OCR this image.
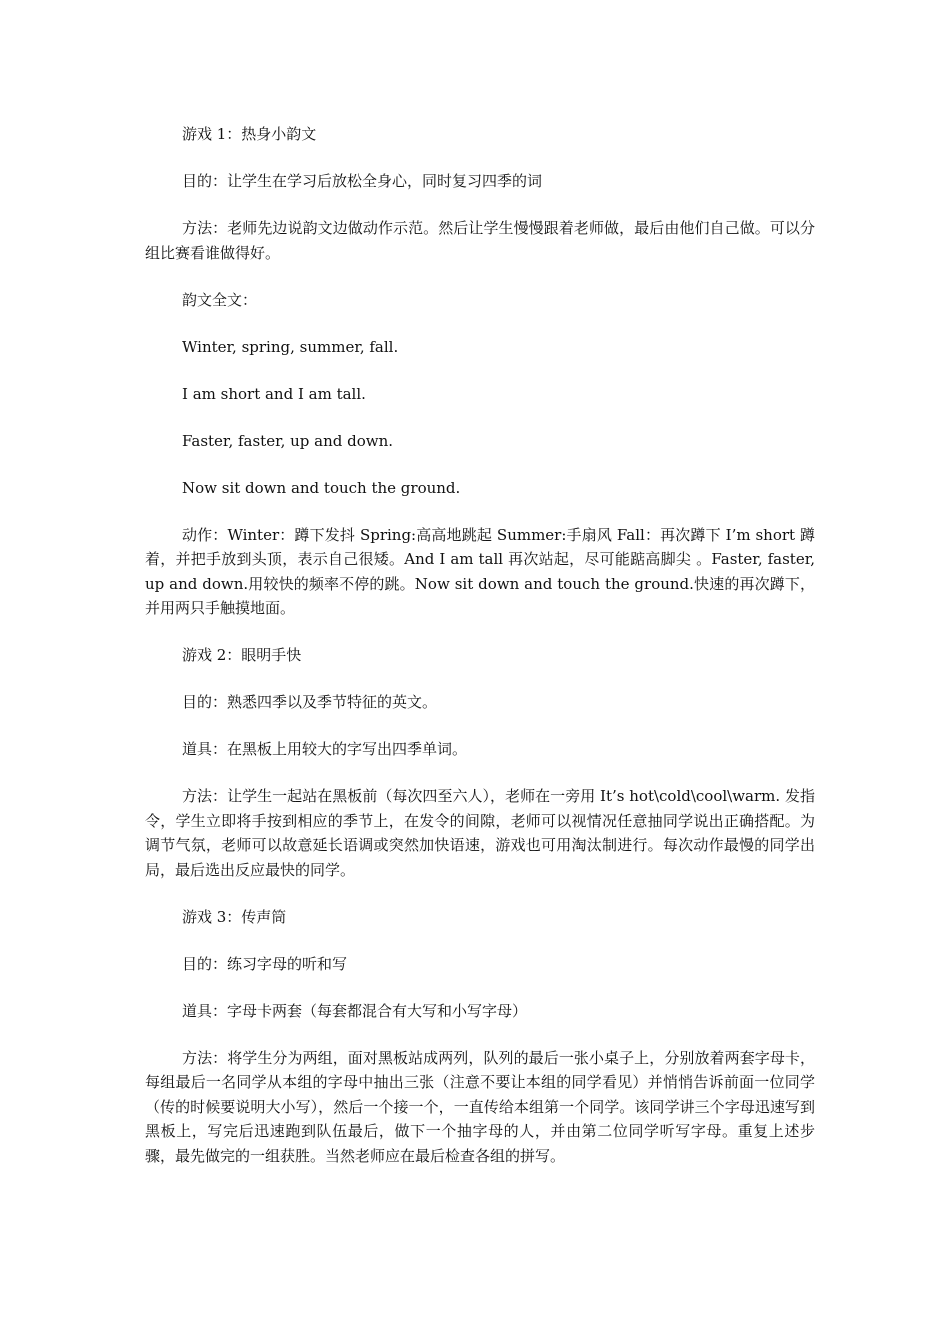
游戏 1：热身小韵文

目的：让学生在学习后放松全身心，同时复习四季的词

方法：老师先边说韵文边做动作示范。然后让学生慢慢跟着老师做，最后由他们自己做。可以分组比赛看谁做得好。

韵文全文：

Winter, spring, summer, fall.

I am short and I am tall.

Faster, faster, up and down.

Now sit down and touch the ground.

动作：Winter：蹲下发抖 Spring:高高地跳起 Summer:手扇风 Fall：再次蹲下 I’m short 蹲着，并把手放到头顶，表示自己很矮。And I am tall 再次站起，尽可能踮高脚尖 。Faster, faster, up and down.用较快的频率不停的跳。Now sit down and touch the ground.快速的再次蹲下，并用两只手触摸地面。

游戏 2：眼明手快

目的：熟悉四季以及季节特征的英文。

道具：在黑板上用较大的字写出四季单词。

方法：让学生一起站在黑板前（每次四至六人），老师在一旁用 It’s hot\cold\cool\warm. 发指令，学生立即将手按到相应的季节上，在发令的间隙，老师可以视情况任意抽同学说出正确搭配。为调节气氛，老师可以故意延长语调或突然加快语速，游戏也可用淘汰制进行。每次动作最慢的同学出局，最后选出反应最快的同学。

游戏 3：传声筒

目的：练习字母的听和写

道具：字母卡两套（每套都混合有大写和小写字母）

方法：将学生分为两组，面对黑板站成两列，队列的最后一张小桌子上，分别放着两套字母卡，每组最后一名同学从本组的字母中抽出三张（注意不要让本组的同学看见）并悄悄告诉前面一位同学（传的时候要说明大小写），然后一个接一个，一直传给本组第一个同学。该同学讲三个字母迅速写到黑板上，写完后迅速跑到队伍最后，做下一个抽字母的人，并由第二位同学听写字母。重复上述步骤，最先做完的一组获胜。当然老师应在最后检查各组的拼写。
